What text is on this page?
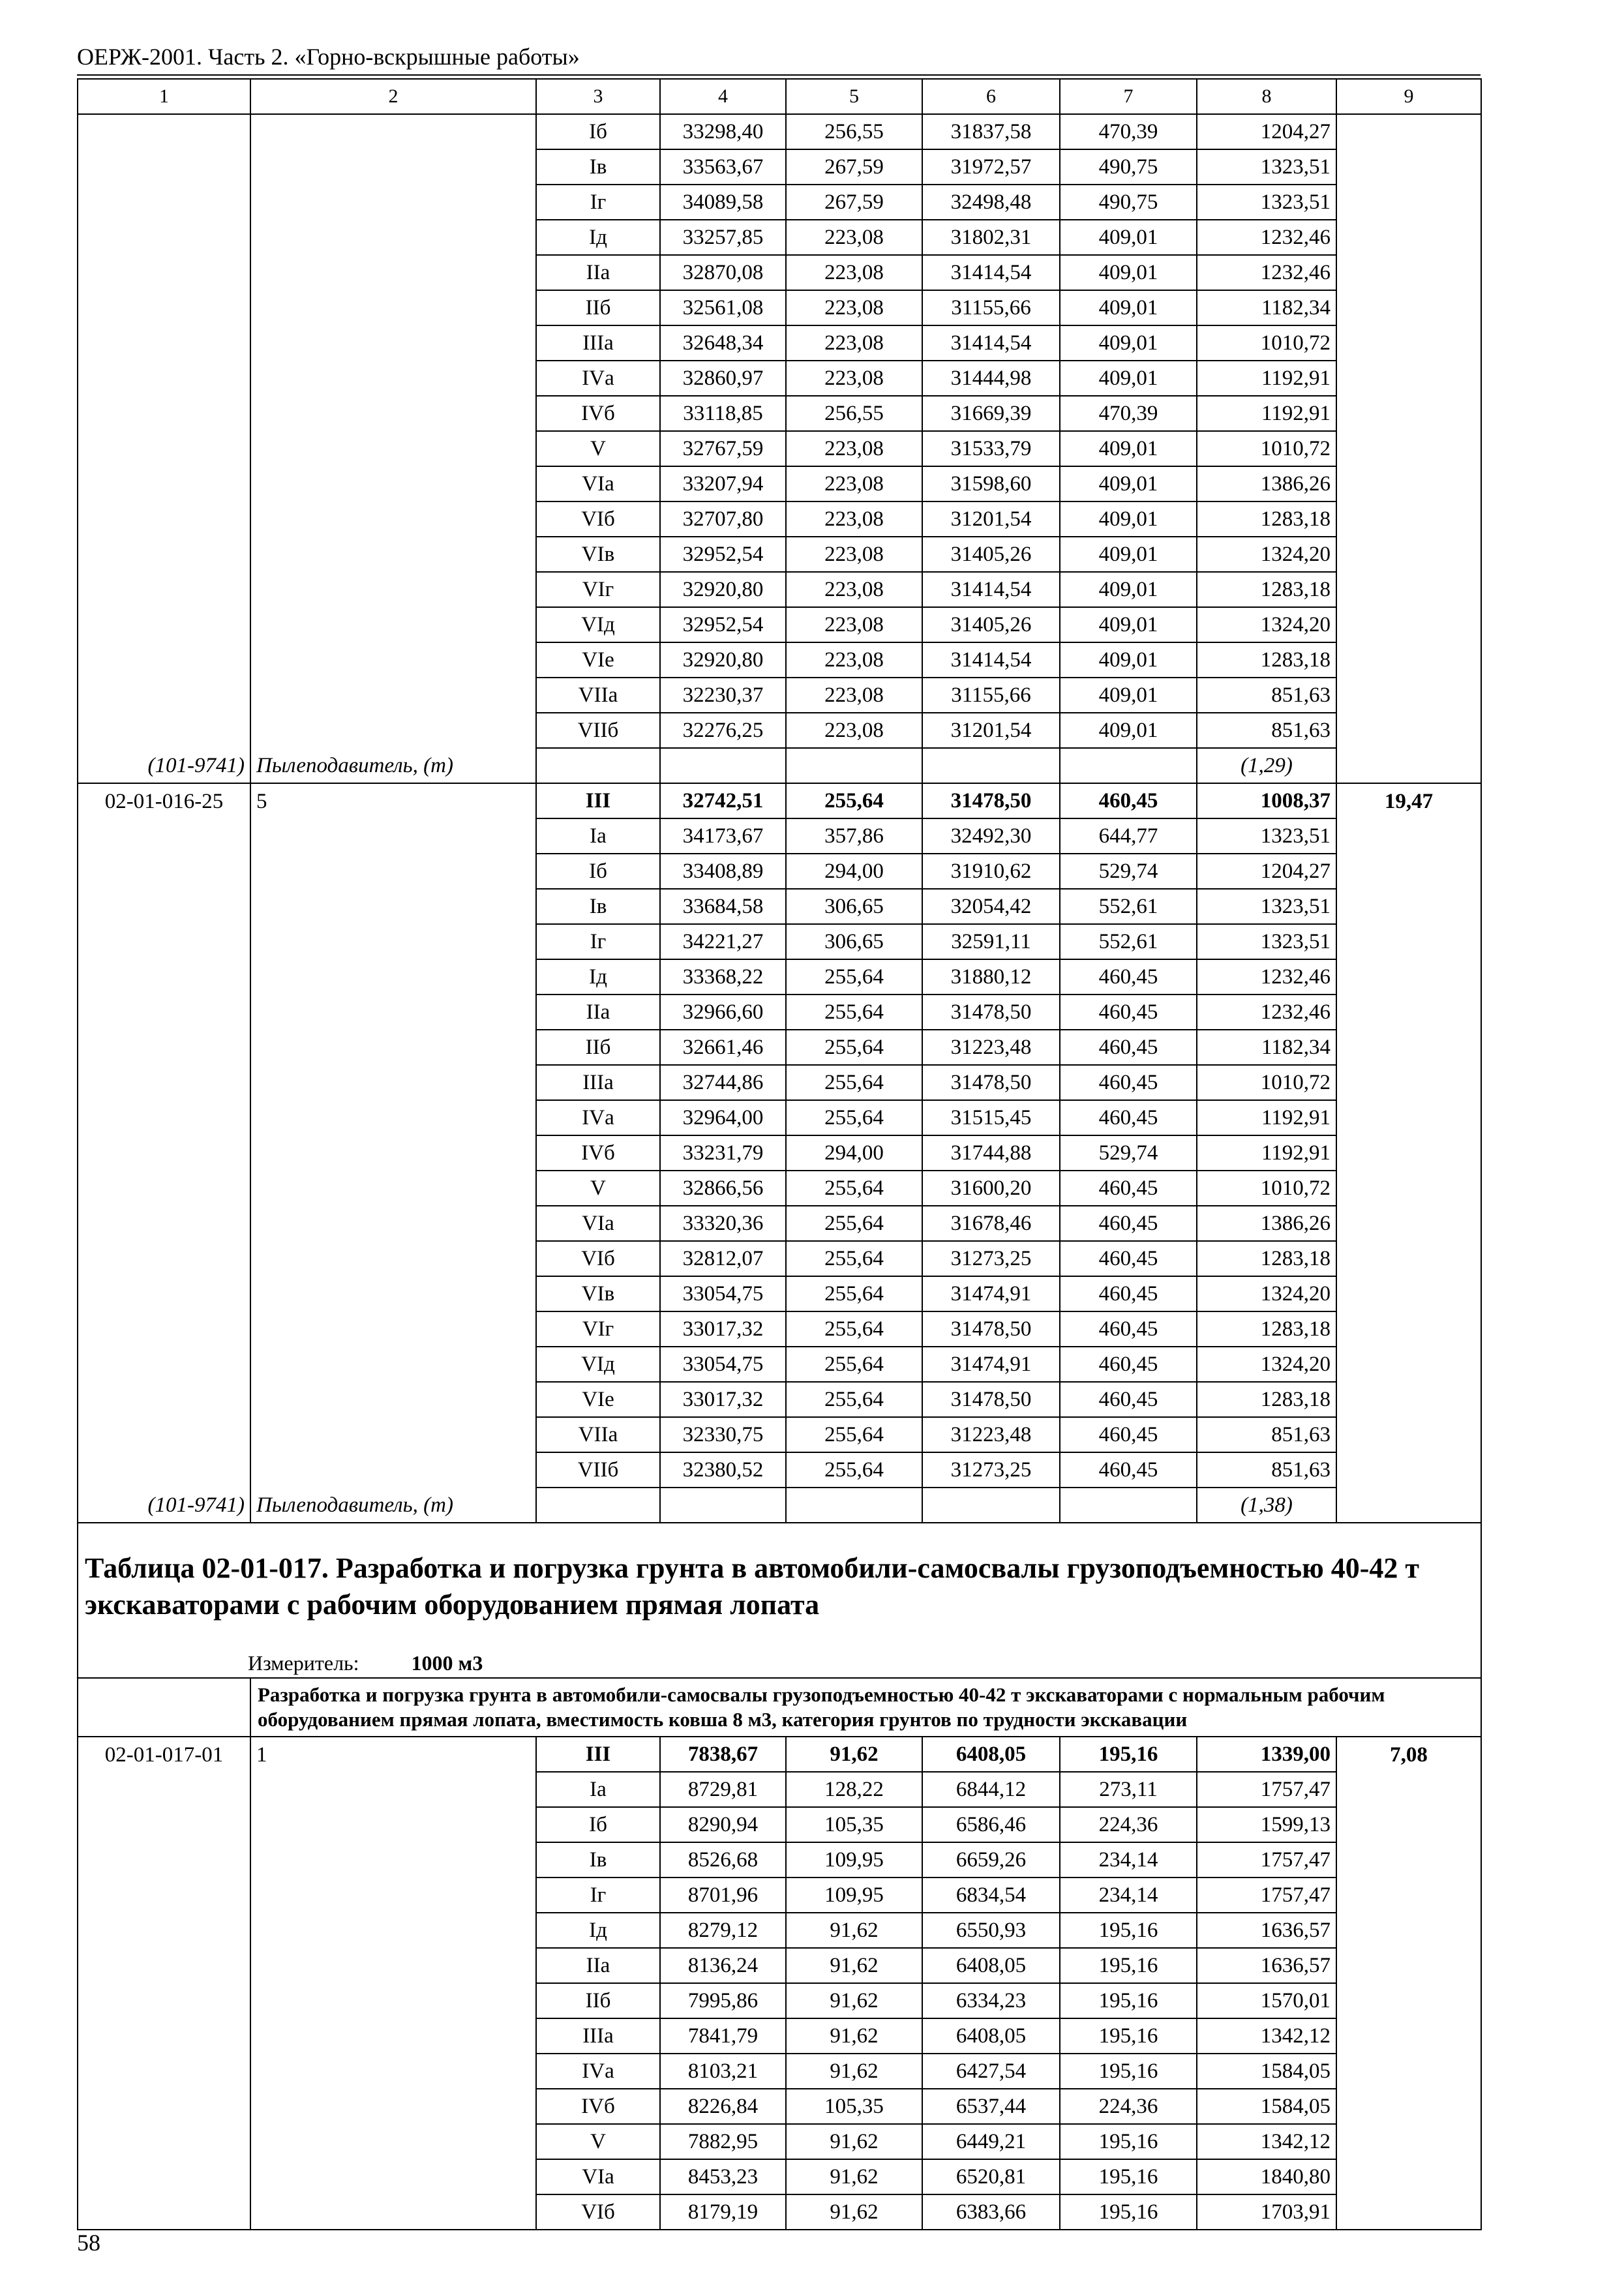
ОЕРЖ-2001. Часть 2. «Горно-вскрышные работы»
1	2	3	4	5	6	7	8	9
		Iб	33298,40	256,55	31837,58	470,39	1204,27	
		Iв	33563,67	267,59	31972,57	490,75	1323,51	
		Iг	34089,58	267,59	32498,48	490,75	1323,51	
		Iд	33257,85	223,08	31802,31	409,01	1232,46	
		IIа	32870,08	223,08	31414,54	409,01	1232,46	
		IIб	32561,08	223,08	31155,66	409,01	1182,34	
		IIIа	32648,34	223,08	31414,54	409,01	1010,72	
		IVа	32860,97	223,08	31444,98	409,01	1192,91	
		IVб	33118,85	256,55	31669,39	470,39	1192,91	
		V	32767,59	223,08	31533,79	409,01	1010,72	
		VIа	33207,94	223,08	31598,60	409,01	1386,26	
		VIб	32707,80	223,08	31201,54	409,01	1283,18	
		VIв	32952,54	223,08	31405,26	409,01	1324,20	
		VIг	32920,80	223,08	31414,54	409,01	1283,18	
		VIд	32952,54	223,08	31405,26	409,01	1324,20	
		VIе	32920,80	223,08	31414,54	409,01	1283,18	
		VIIа	32230,37	223,08	31155,66	409,01	851,63	
		VIIб	32276,25	223,08	31201,54	409,01	851,63	
(101-9741)	Пылеподавитель, (т)						(1,29)	
02-01-016-25	5	III	32742,51	255,64	31478,50	460,45	1008,37	19,47
		Iа	34173,67	357,86	32492,30	644,77	1323,51	
		Iб	33408,89	294,00	31910,62	529,74	1204,27	
		Iв	33684,58	306,65	32054,42	552,61	1323,51	
		Iг	34221,27	306,65	32591,11	552,61	1323,51	
		Iд	33368,22	255,64	31880,12	460,45	1232,46	
		IIа	32966,60	255,64	31478,50	460,45	1232,46	
		IIб	32661,46	255,64	31223,48	460,45	1182,34	
		IIIа	32744,86	255,64	31478,50	460,45	1010,72	
		IVа	32964,00	255,64	31515,45	460,45	1192,91	
		IVб	33231,79	294,00	31744,88	529,74	1192,91	
		V	32866,56	255,64	31600,20	460,45	1010,72	
		VIа	33320,36	255,64	31678,46	460,45	1386,26	
		VIб	32812,07	255,64	31273,25	460,45	1283,18	
		VIв	33054,75	255,64	31474,91	460,45	1324,20	
		VIг	33017,32	255,64	31478,50	460,45	1283,18	
		VIд	33054,75	255,64	31474,91	460,45	1324,20	
		VIе	33017,32	255,64	31478,50	460,45	1283,18	
		VIIа	32330,75	255,64	31223,48	460,45	851,63	
		VIIб	32380,52	255,64	31273,25	460,45	851,63	
(101-9741)	Пылеподавитель, (т)						(1,38)	
Таблица 02-01-017. Разработка и погрузка грунта в автомобили-самосвалы грузоподъемностью 40-42 т экскаваторами с рабочим оборудованием прямая лопата								
Измеритель: 1000 м3								
	Разработка и погрузка грунта в автомобили-самосвалы грузоподъемностью 40-42 т экскаваторами с нормальным рабочим оборудованием прямая лопата, вместимость ковша 8 м3, категория грунтов по трудности экскавации							
02-01-017-01	1	III	7838,67	91,62	6408,05	195,16	1339,00	7,08
		Iа	8729,81	128,22	6844,12	273,11	1757,47	
		Iб	8290,94	105,35	6586,46	224,36	1599,13	
		Iв	8526,68	109,95	6659,26	234,14	1757,47	
		Iг	8701,96	109,95	6834,54	234,14	1757,47	
		Iд	8279,12	91,62	6550,93	195,16	1636,57	
		IIа	8136,24	91,62	6408,05	195,16	1636,57	
		IIб	7995,86	91,62	6334,23	195,16	1570,01	
		IIIа	7841,79	91,62	6408,05	195,16	1342,12	
		IVа	8103,21	91,62	6427,54	195,16	1584,05	
		IVб	8226,84	105,35	6537,44	224,36	1584,05	
		V	7882,95	91,62	6449,21	195,16	1342,12	
		VIа	8453,23	91,62	6520,81	195,16	1840,80	
		VIб	8179,19	91,62	6383,66	195,16	1703,91	
58
